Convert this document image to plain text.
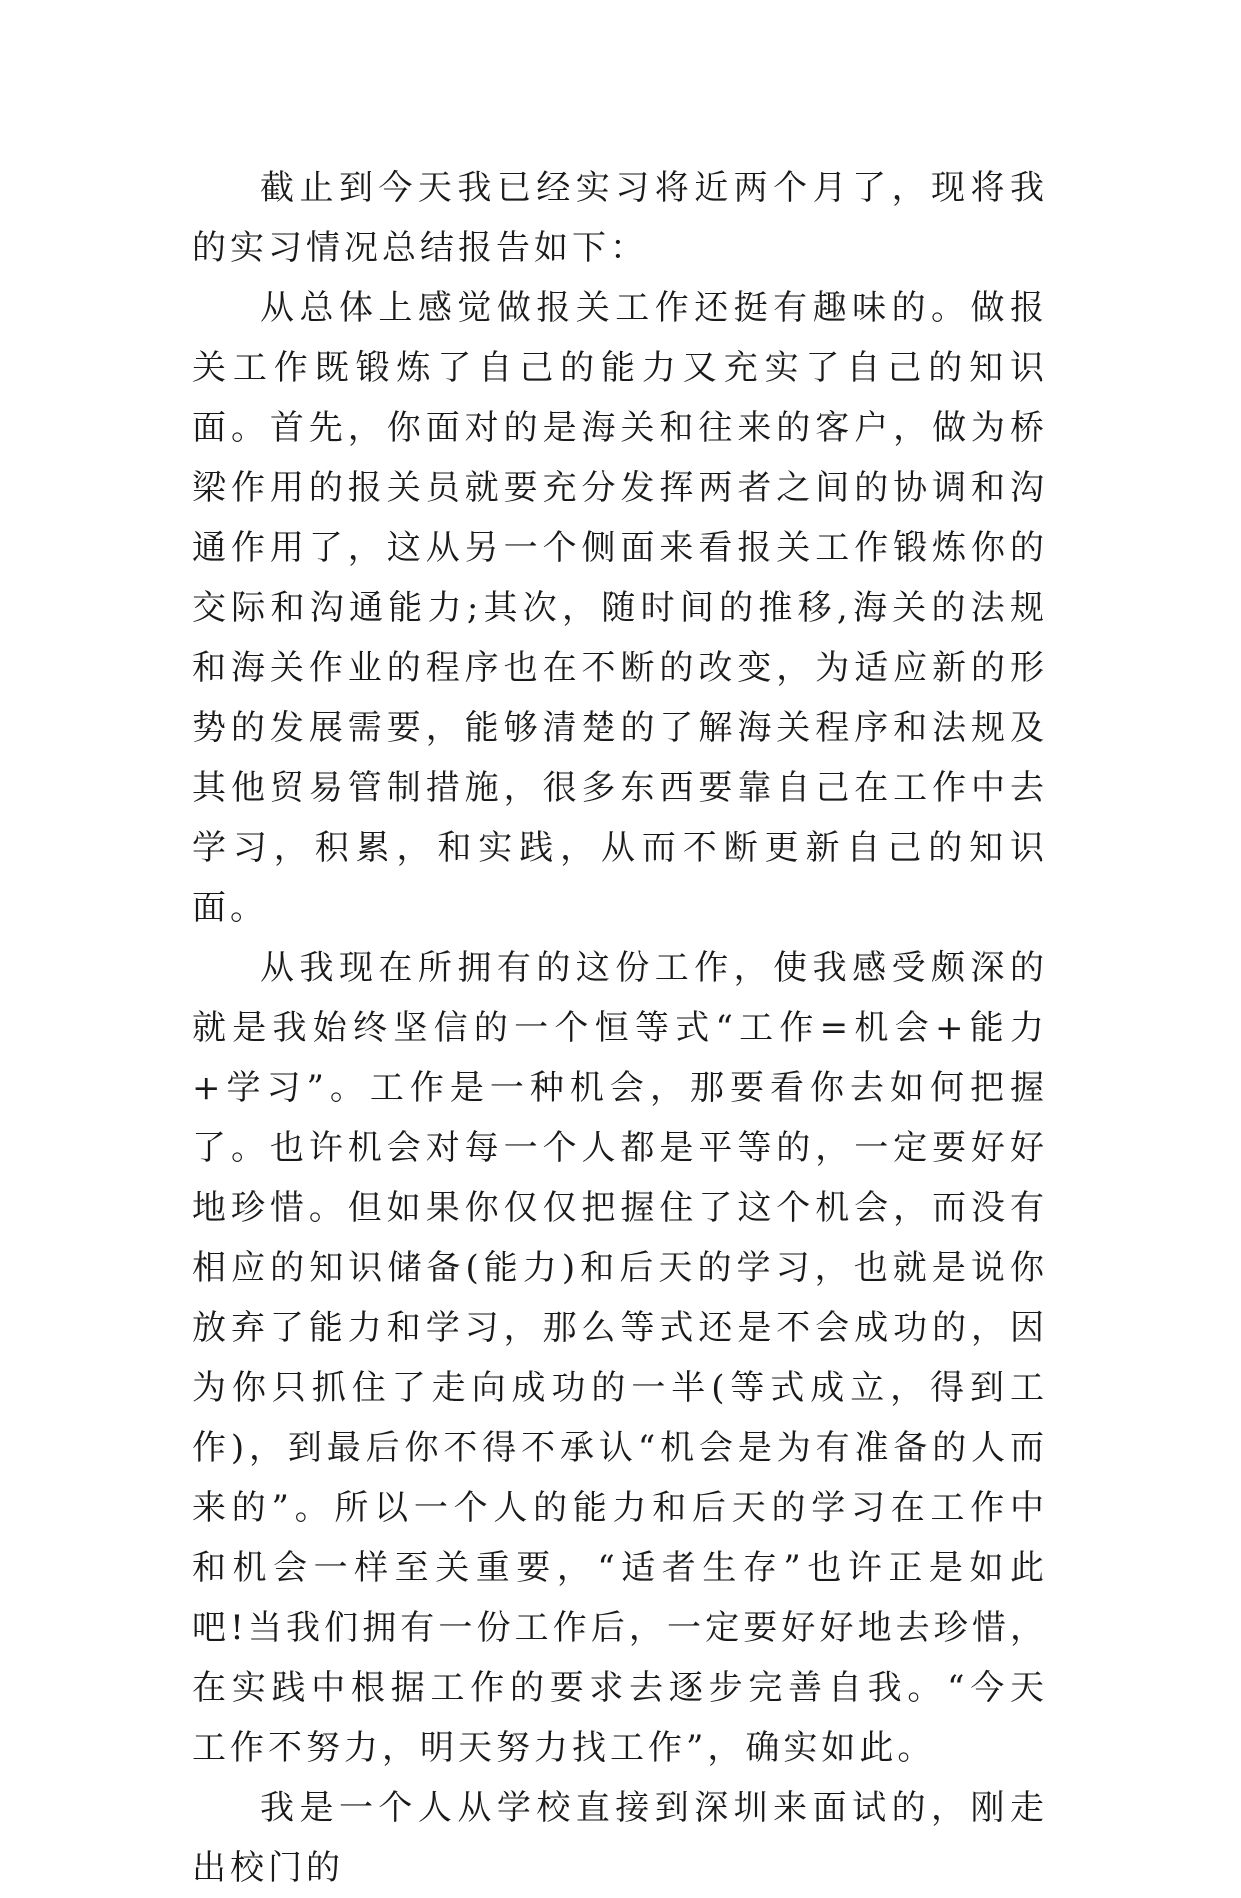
截止到今天我已经实习将近两个月了，现将我的实习情况总结报告如下：

从总体上感觉做报关工作还挺有趣味的。做报关工作既锻炼了自己的能力又充实了自己的知识面。首先，你面对的是海关和往来的客户，做为桥梁作用的报关员就要充分发挥两者之间的协调和沟通作用了，这从另一个侧面来看报关工作锻炼你的交际和沟通能力;其次，随时间的推移,海关的法规和海关作业的程序也在不断的改变，为适应新的形势的发展需要，能够清楚的了解海关程序和法规及其他贸易管制措施，很多东西要靠自己在工作中去学习，积累，和实践，从而不断更新自己的知识面。

从我现在所拥有的这份工作，使我感受颇深的就是我始终坚信的一个恒等式“工作=机会+能力+学习”。工作是一种机会，那要看你去如何把握了。也许机会对每一个人都是平等的，一定要好好地珍惜。但如果你仅仅把握住了这个机会，而没有相应的知识储备(能力)和后天的学习，也就是说你放弃了能力和学习，那么等式还是不会成功的，因为你只抓住了走向成功的一半(等式成立，得到工作)，到最后你不得不承认“机会是为有准备的人而来的”。所以一个人的能力和后天的学习在工作中和机会一样至关重要，“适者生存”也许正是如此吧!当我们拥有一份工作后，一定要好好地去珍惜，在实践中根据工作的要求去逐步完善自我。“今天工作不努力，明天努力找工作”，确实如此。

我是一个人从学校直接到深圳来面试的，刚走出校门的
